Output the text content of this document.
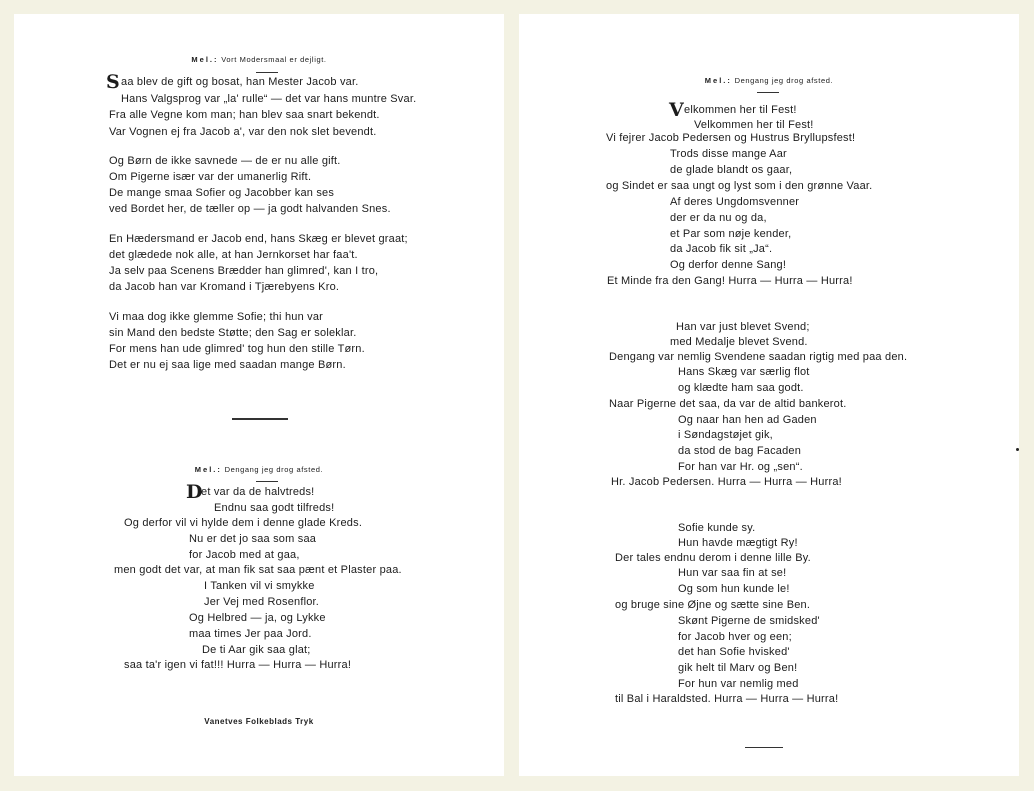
Mel.: Vort Modersmaal er dejligt.
aa blev de gift og bosat, han Mester Jacob var.
Hans Valgsprog var „la' rulle“ — det var hans muntre Svar.
Fra alle Vegne kom man; han blev saa snart bekendt.
Var Vognen ej fra Jacob a', var den nok slet bevendt.
Og Børn de ikke savnede — de er nu alle gift.
Om Pigerne især var der umanerlig Rift.
De mange smaa Sofier og Jacobber kan ses
ved Bordet her, de tæller op — ja godt halvanden Snes.
En Hædersmand er Jacob end, hans Skæg er blevet graat;
det glædede nok alle, at han Jernkorset har faa't.
Ja selv paa Scenens Brædder han glimred', kan I tro,
da Jacob han var Kromand i Tjærebyens Kro.
Vi maa dog ikke glemme Sofie; thi hun var
sin Mand den bedste Støtte; den Sag er soleklar.
For mens han ude glimred' tog hun den stille Tørn.
Det er nu ej saa lige med saadan mange Børn.
S
Mel.: Dengang jeg drog afsted.
et var da de halvtreds!
Endnu saa godt tilfreds!
Og derfor vil vi hylde dem i denne glade Kreds.
Nu er det jo saa som saa
for Jacob med at gaa,
men godt det var, at man fik sat saa pænt et Plaster paa.
I Tanken vil vi smykke
Jer Vej med Rosenflor.
Og Helbred — ja, og Lykke
maa times Jer paa Jord.
De ti Aar gik saa glat;
saa ta'r igen vi fat!!! Hurra — Hurra — Hurra!
D
Vanetves Folkeblads Tryk
Mel.: Dengang jeg drog afsted.
elkommen her til Fest!
Velkommen her til Fest!
Vi fejrer Jacob Pedersen og Hustrus Bryllupsfest!
Trods disse mange Aar
de glade blandt os gaar,
og Sindet er saa ungt og lyst som i den grønne Vaar.
Af deres Ungdomsvenner
der er da nu og da,
et Par som nøje kender,
da Jacob fik sit „Ja“.
Og derfor denne Sang!
Et Minde fra den Gang! Hurra — Hurra — Hurra!
V
Han var just blevet Svend;
med Medalje blevet Svend.
Dengang var nemlig Svendene saadan rigtig med paa den.
Hans Skæg var særlig flot
og klædte ham saa godt.
Naar Pigerne det saa, da var de altid bankerot.
Og naar han hen ad Gaden
i Søndagstøjet gik,
da stod de bag Facaden
For han var Hr. og „sen“.
Hr. Jacob Pedersen. Hurra — Hurra — Hurra!
Sofie kunde sy.
Hun havde mægtigt Ry!
Der tales endnu derom i denne lille By.
Hun var saa fin at se!
Og som hun kunde le!
og bruge sine Øjne og sætte sine Ben.
Skønt Pigerne de smidsked'
for Jacob hver og een;
det han Sofie hvisked'
gik helt til Marv og Ben!
For hun var nemlig med
til Bal i Haraldsted. Hurra — Hurra — Hurra!
